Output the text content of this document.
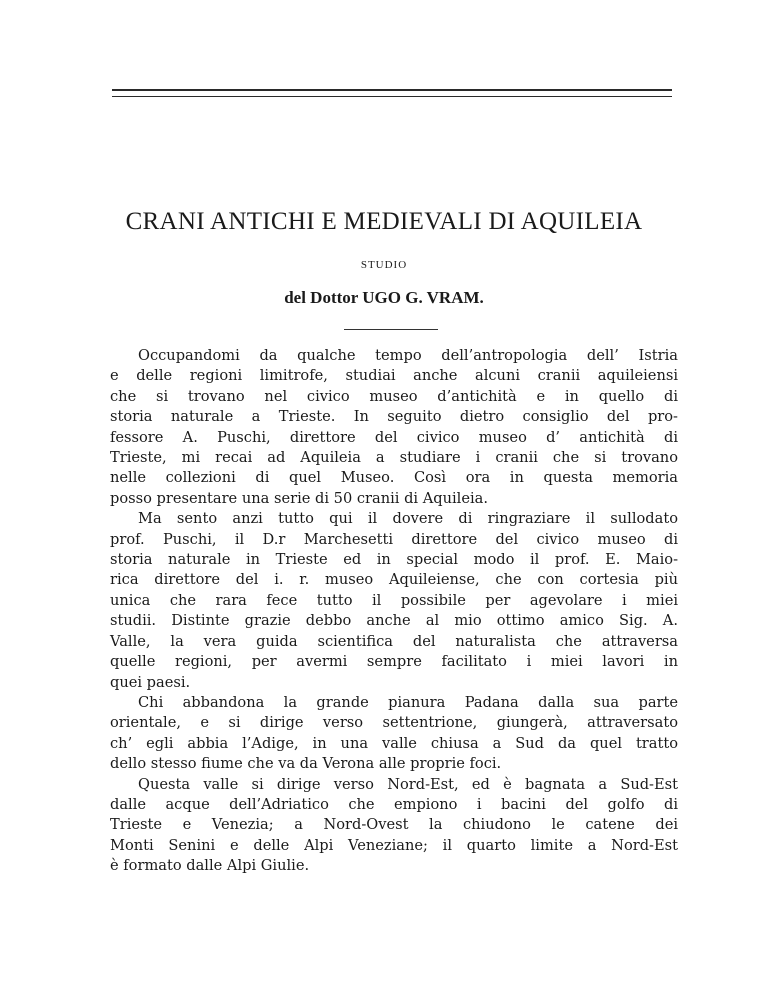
CRANI ANTICHI E MEDIEVALI DI AQUILEIA
STUDIO
del Dottor UGO G. VRAM.
Occupandomi da qualche tempo dell’antropologia dell’ Istria
e delle regioni limitrofe, studiai anche alcuni cranii aquileiensi
che si trovano nel civico museo d’antichità e in quello di
storia naturale a Trieste. In seguito dietro consiglio del pro-
fessore A. Puschi, direttore del civico museo d’ antichità di
Trieste, mi recai ad Aquileia a studiare i cranii che si trovano
nelle collezioni di quel Museo. Così ora in questa memoria
posso presentare una serie di 50 cranii di Aquileia.
Ma sento anzi tutto qui il dovere di ringraziare il sullodato
prof. Puschi, il D.r Marchesetti direttore del civico museo di
storia naturale in Trieste ed in special modo il prof. E. Maio-
rica direttore del i. r. museo Aquileiense, che con cortesia più
unica che rara fece tutto il possibile per agevolare i miei
studii. Distinte grazie debbo anche al mio ottimo amico Sig. A.
Valle, la vera guida scientifica del naturalista che attraversa
quelle regioni, per avermi sempre facilitato i miei lavori in
quei paesi.
Chi abbandona la grande pianura Padana dalla sua parte
orientale, e si dirige verso settentrione, giungerà, attraversato
ch’ egli abbia l’Adige, in una valle chiusa a Sud da quel tratto
dello stesso fiume che va da Verona alle proprie foci.
Questa valle si dirige verso Nord-Est, ed è bagnata a Sud-Est
dalle acque dell’Adriatico che empiono i bacini del golfo di
Trieste e Venezia; a Nord-Ovest la chiudono le catene dei
Monti Senini e delle Alpi Veneziane; il quarto limite a Nord-Est
è formato dalle Alpi Giulie.
